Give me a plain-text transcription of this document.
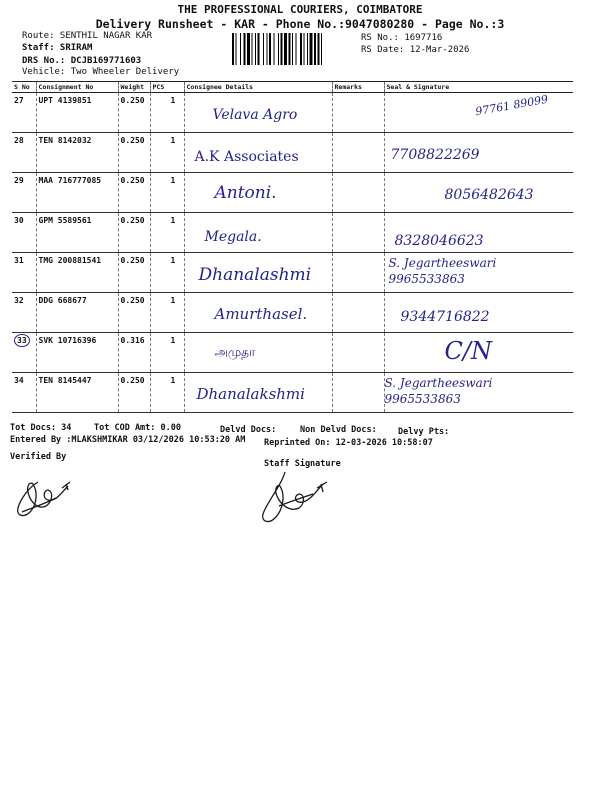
THE PROFESSIONAL COURIERS, COIMBATORE
Delivery Runsheet - KAR - Phone No.:9047080280 - Page No.:3
Route: SENTHIL NAGAR KAR
Staff: SRIRAM
DRS No.: DCJB169771603
Vehicle: Two Wheeler Delivery
RS No.: 1697716
RS Date: 12-Mar-2026
S No	Consignment No	Weight	PCS	Consignee Details	Remarks	Seal & Signature
27	UPT 4139851	0.250	1	Velava Agro		97761 89099

28	TEN 8142032	0.250	1	A.K Associates		7708822269

29	MAA 716777085	0.250	1	Antoni.		8056482643

30	GPM 5589561	0.250	1	Megala.		8328046623

31	TMG 200881541	0.250	1	Dhanalashmi		S. Jegartheeswari 9965533863

32	DDG 668677	0.250	1	Amurthasel.		9344716822

33	SVK 10716396	0.316	1	அமுதா		C/N

34	TEN 8145447	0.250	1	Dhanalakshmi		S. Jegartheeswari 9965533863
Tot Docs: 34	Tot COD Amt: 0.00	Delvd Docs:	Non Delvd Docs: Delvy Pts:
Entered By :MLAKSHMIKAR 03/12/2026 10:53:20 AM Reprinted On: 12-03-2026 10:58:07
Verified By
Staff Signature
